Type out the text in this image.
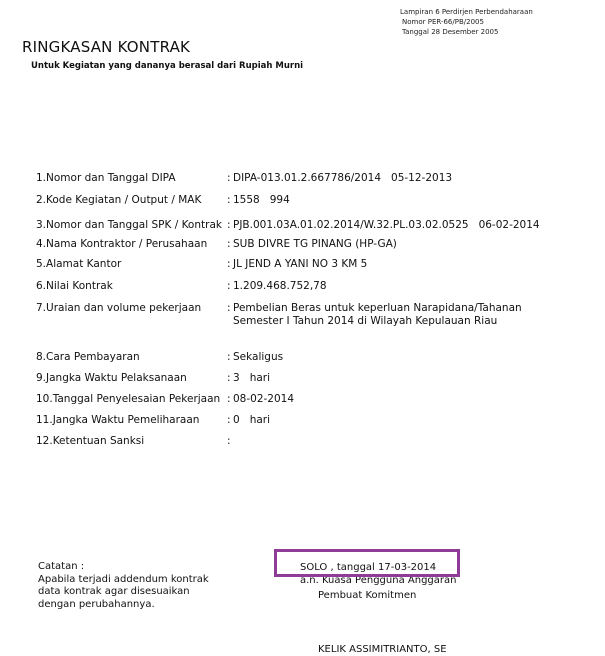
Lampiran 6 Perdirjen Perbendaharaan
Nomor PER-66/PB/2005
Tanggal 28 Desember 2005
RINGKASAN KONTRAK
Untuk Kegiatan yang dananya berasal dari Rupiah Murni
1.Nomor dan Tanggal DIPA	: DIPA-013.01.2.667786/2014   05-12-2013
2.Kode Kegiatan / Output / MAK : 1558   994
3.Nomor dan Tanggal SPK / Kontrak : PJB.001.03A.01.02.2014/W.32.PL.03.02.0525   06-02-2014
4.Nama Kontraktor / Perusahaan : SUB DIVRE TG PINANG (HP-GA)
5.Alamat Kantor	: JL JEND A YANI NO 3 KM 5
6.Nilai Kontrak	: 1.209.468.752,78
7.Uraian dan volume pekerjaan : Pembelian Beras untuk keperluan Narapidana/Tahanan Semester I Tahun 2014 di Wilayah Kepulauan Riau
8.Cara Pembayaran	: Sekaligus
9.Jangka Waktu Pelaksanaan	: 3   hari
10.Tanggal Penyelesaian Pekerjaan : 08-02-2014
11.Jangka Waktu Pemeliharaan	: 0   hari
12.Ketentuan Sanksi	:
Catatan :
Apabila terjadi addendum kontrak
data kontrak agar disesuaikan
dengan perubahannya.
a.n. Kuasa Pengguna Anggaran
SOLO , tanggal 17-03-2014
Pembuat Komitmen
KELIK ASSIMITRIANTO, SE
